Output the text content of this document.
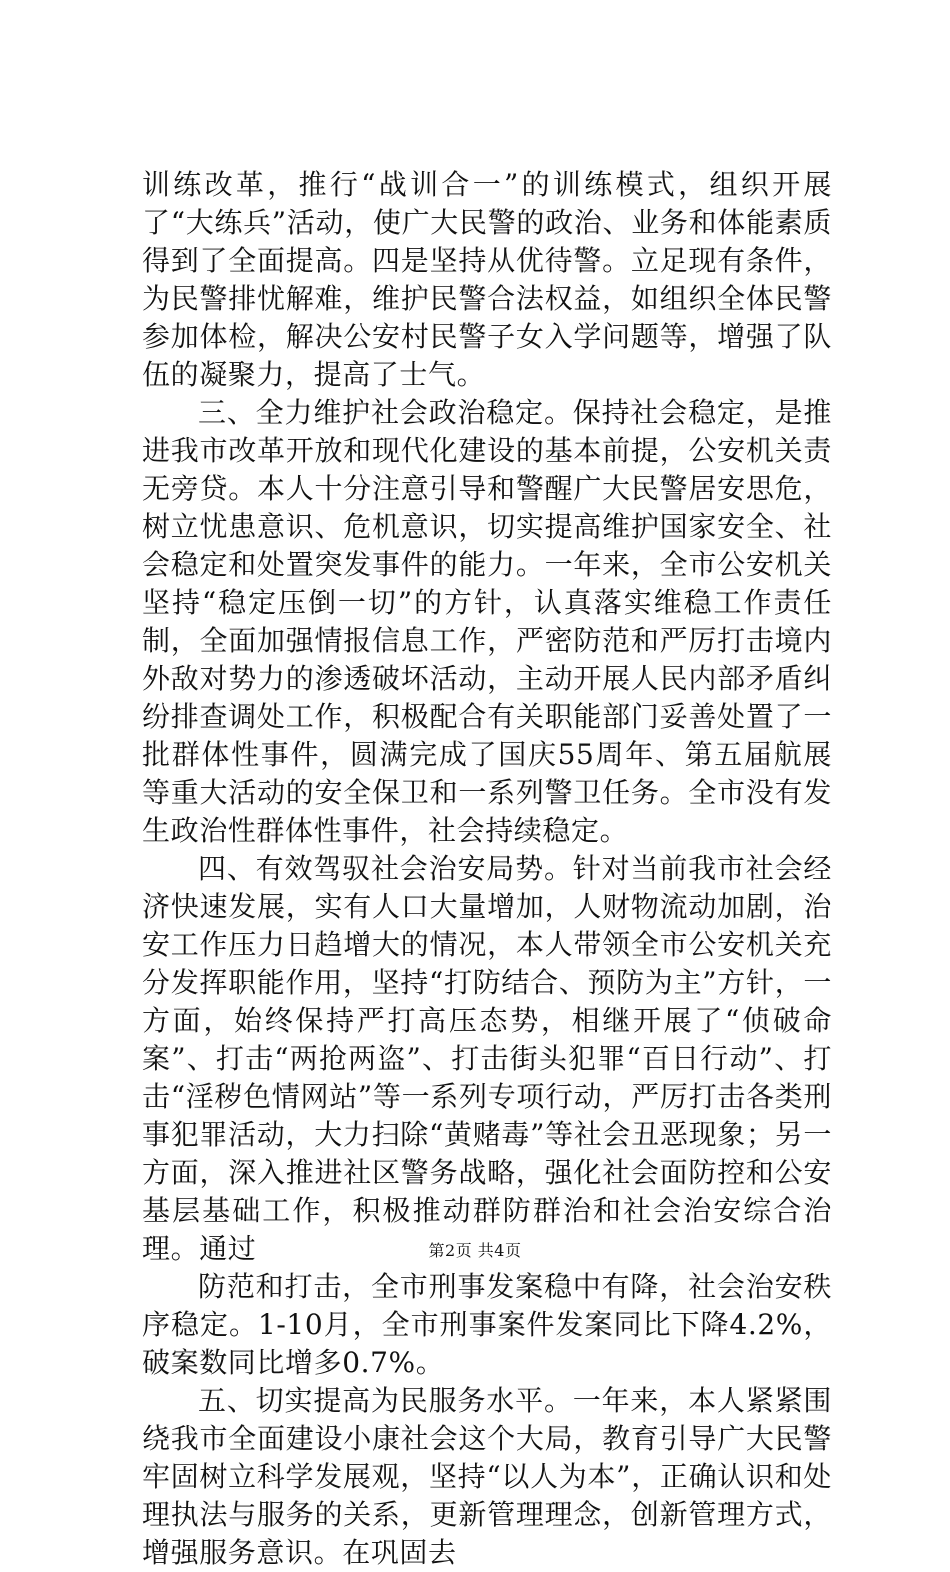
训练改革，推行“战训合一”的训练模式，组织开展了“大练兵”活动，使广大民警的政治、业务和体能素质得到了全面提高。四是坚持从优待警。立足现有条件，为民警排忧解难，维护民警合法权益，如组织全体民警参加体检，解决公安村民警子女入学问题等，增强了队伍的凝聚力，提高了士气。

三、全力维护社会政治稳定。保持社会稳定，是推进我市改革开放和现代化建设的基本前提，公安机关责无旁贷。本人十分注意引导和警醒广大民警居安思危，树立忧患意识、危机意识，切实提高维护国家安全、社会稳定和处置突发事件的能力。一年来，全市公安机关坚持“稳定压倒一切”的方针，认真落实维稳工作责任制，全面加强情报信息工作，严密防范和严厉打击境内外敌对势力的渗透破坏活动，主动开展人民内部矛盾纠纷排查调处工作，积极配合有关职能部门妥善处置了一批群体性事件，圆满完成了国庆55周年、第五届航展等重大活动的安全保卫和一系列警卫任务。全市没有发生政治性群体性事件，社会持续稳定。

四、有效驾驭社会治安局势。针对当前我市社会经济快速发展，实有人口大量增加，人财物流动加剧，治安工作压力日趋增大的情况，本人带领全市公安机关充分发挥职能作用，坚持“打防结合、预防为主”方针，一方面，始终保持严打高压态势，相继开展了“侦破命案”、打击“两抢两盗”、打击街头犯罪“百日行动”、打击“淫秽色情网站”等一系列专项行动，严厉打击各类刑事犯罪活动，大力扫除“黄赌毒”等社会丑恶现象；另一方面，深入推进社区警务战略，强化社会面防控和公安基层基础工作，积极推动群防群治和社会治安综合治理。通过

防范和打击，全市刑事发案稳中有降，社会治安秩序稳定。1-10月，全市刑事案件发案同比下降4.2%，破案数同比增多0.7%。

五、切实提高为民服务水平。一年来，本人紧紧围绕我市全面建设小康社会这个大局，教育引导广大民警牢固树立科学发展观，坚持“以人为本”，正确认识和处理执法与服务的关系，更新管理理念，创新管理方式，增强服务意识。在巩固去

第2页 共4页
